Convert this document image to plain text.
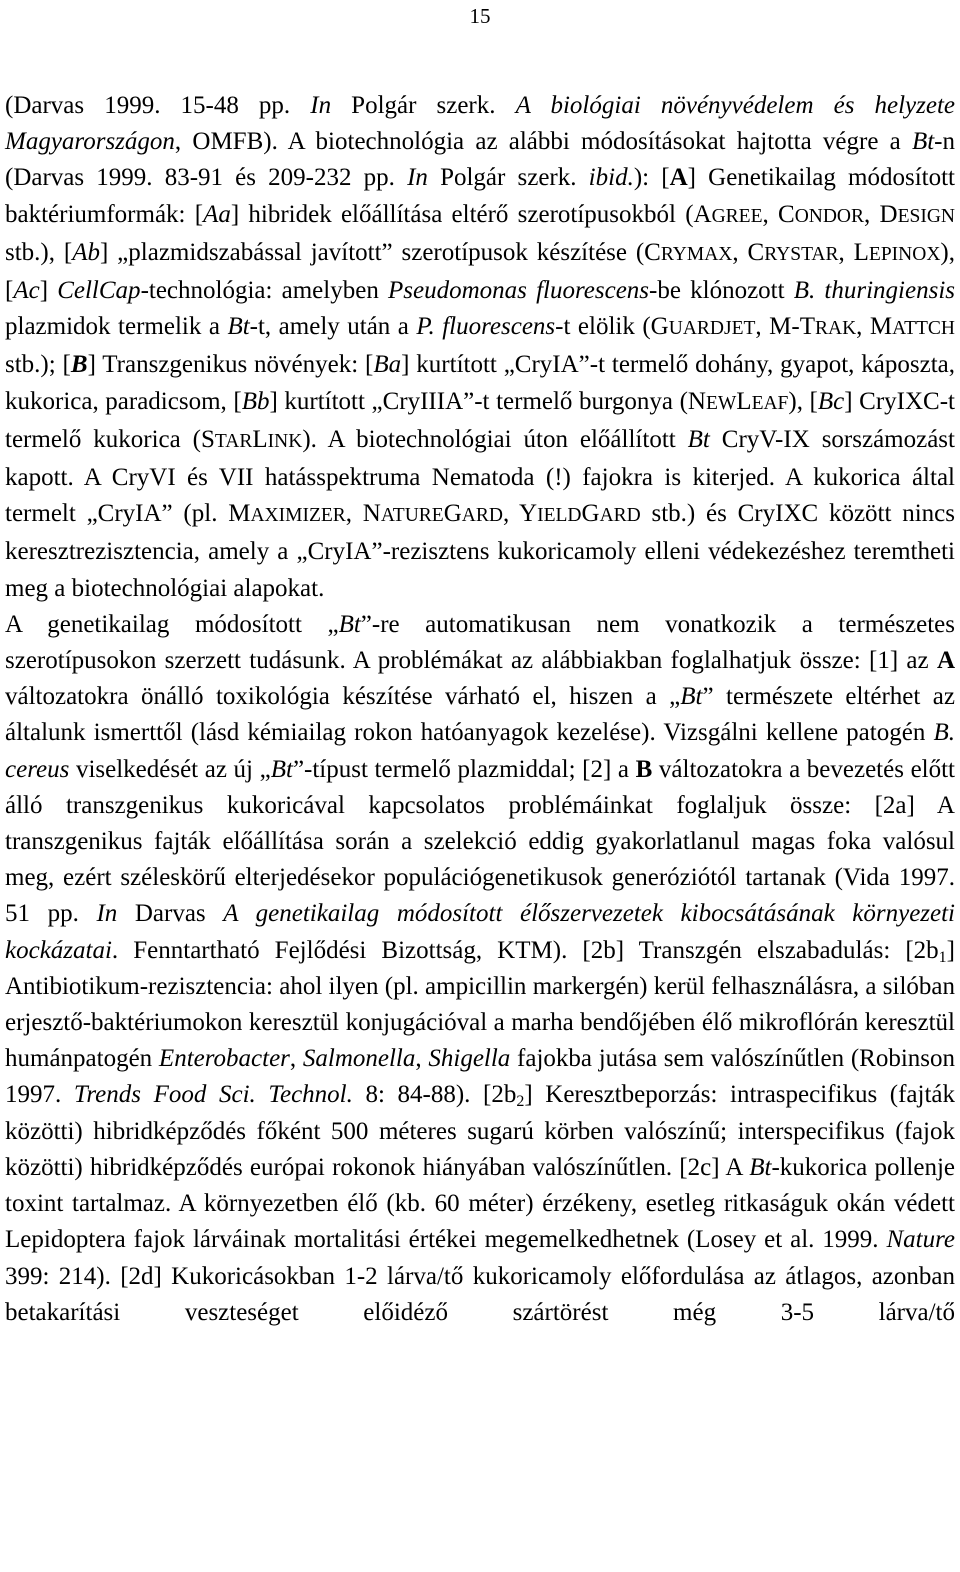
15

(Darvas 1999. 15-48 pp. In Polgár szerk. A biológiai növényvédelem és helyzete Magyarországon, OMFB). A biotechnológia az alábbi módosításokat hajtotta végre a Bt-n (Darvas 1999. 83-91 és 209-232 pp. In Polgár szerk. ibid.): [A] Genetikailag módosított baktériumformák: [Aa] hibridek előállítása eltérő szerotípusokból (AGREE, CONDOR, DESIGN stb.), [Ab] „plazmidszabással javított” szerotípusok készítése (CRYMAX, CRYSTAR, LEPINOX), [Ac] CellCap-technológia: amelyben Pseudomonas fluorescens-be klónozott B. thuringiensis plazmidok termelik a Bt-t, amely után a P. fluorescens-t elölik (GUARDJET, M-TRAK, MATTCH stb.); [B] Transzgenikus növények: [Ba] kurtított „CryIA”-t termelő dohány, gyapot, káposzta, kukorica, paradicsom, [Bb] kurtított „CryIIIA”-t termelő burgonya (NEWLEAF), [Bc] CryIXC-t termelő kukorica (STARLINK). A biotechnológiai úton előállított Bt CryV-IX sorszámozást kapott. A CryVI és VII hatásspektruma Nematoda (!) fajokra is kiterjed. A kukorica által termelt „CryIA” (pl. MAXIMIZER, NATUREGARD, YIELDGARD stb.) és CryIXC között nincs keresztrezisztencia, amely a „CryIA”-rezisztens kukoricamoly elleni védekezéshez teremtheti meg a biotechnológiai alapokat.

A genetikailag módosított „Bt”-re automatikusan nem vonatkozik a természetes szerotípusokon szerzett tudásunk. A problémákat az alábbiakban foglalhatjuk össze: [1] az A változatokra önálló toxikológia készítése várható el, hiszen a „Bt” természete eltérhet az általunk ismerttől (lásd kémiailag rokon hatóanyagok kezelése). Vizsgálni kellene patogén B. cereus viselkedését az új „Bt”-típust termelő plazmiddal; [2] a B változatokra a bevezetés előtt álló transzgenikus kukoricával kapcsolatos problémáinkat foglaljuk össze: [2a] A transzgenikus fajták előállítása során a szelekció eddig gyakorlatlanul magas foka valósul meg, ezért széleskörű elterjedésekor populációgenetikusok generóziótól tartanak (Vida 1997. 51 pp. In Darvas A genetikailag módosított élőszervezetek kibocsátásának környezeti kockázatai. Fenntartható Fejlődési Bizottság, KTM). [2b] Transzgén elszabadulás: $[2b_1]$ Antibiotikum-rezisztencia: ahol ilyen (pl. ampicillin markergén) kerül felhasználásra, a silóban erjesztő-baktériumokon keresztül konjugációval a marha bendőjében élő mikroflórán keresztül humánpatogén Enterobacter, Salmonella, Shigella fajokba jutása sem valószínűtlen (Robinson 1997. Trends Food Sci. Technol. 8: 84-88). $[2b_2]$ Keresztbeporzás: intraspecifikus (fajták közötti) hibridképződés főként 500 méteres sugarú körben valószínű; interspecifikus (fajok közötti) hibridképződés európai rokonok hiányában valószínűtlen. [2c] A Bt-kukorica pollenje toxint tartalmaz. A környezetben élő (kb. 60 méter) érzékeny, esetleg ritkaságuk okán védett Lepidoptera fajok lárváinak mortalitási értékei megemelkedhetnek (Losey et al. 1999. Nature 399: 214). [2d] Kukoricásokban 1-2 lárva/tő kukoricamoly előfordulása az átlagos, azonban betakarítási veszteséget előidéző szártörést még 3-5 lárva/tő
